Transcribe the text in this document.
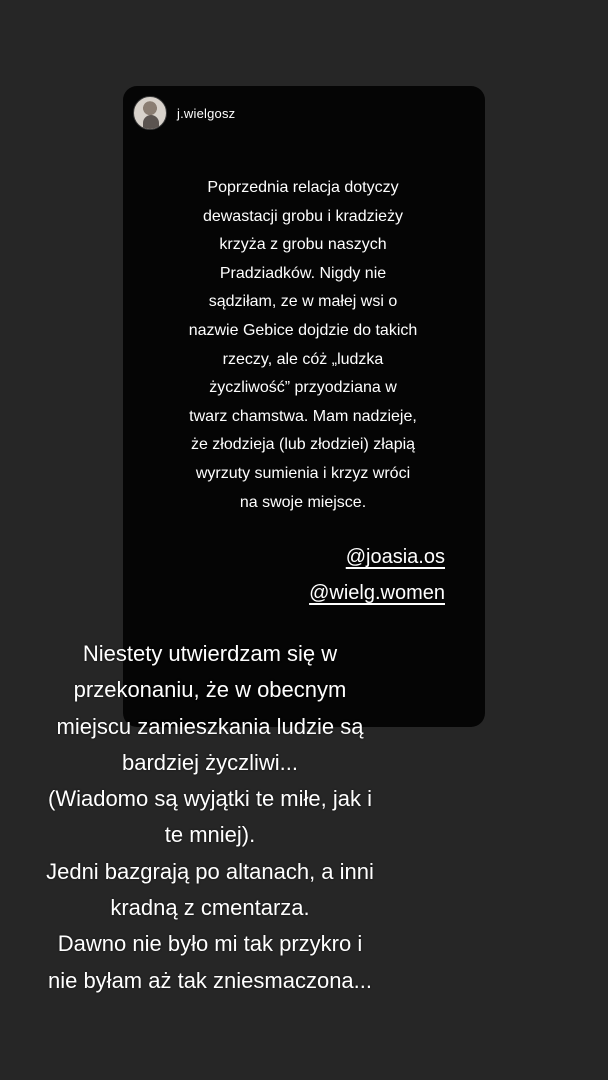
j.wielgosz
Poprzednia relacja dotyczy
dewastacji grobu i kradzieży
krzyża z grobu naszych
Pradziadków. Nigdy nie
sądziłam, ze w małej wsi o
nazwie Gebice dojdzie do takich
rzeczy, ale cóż „ludzka
życzliwość” przyodziana w
twarz chamstwa. Mam nadzieje,
że złodzieja (lub złodziei) złapią
wyrzuty sumienia i krzyz wróci
na swoje miejsce.
@joasia.os
@wielg.women
Niestety utwierdzam się w
przekonaniu, że w obecnym
miejscu zamieszkania ludzie są
bardziej życzliwi...
(Wiadomo są wyjątki te miłe, jak i
te mniej).
Jedni bazgrają po altanach, a inni
kradną z cmentarza.
Dawno nie było mi tak przykro i
nie byłam aż tak zniesmaczona...
